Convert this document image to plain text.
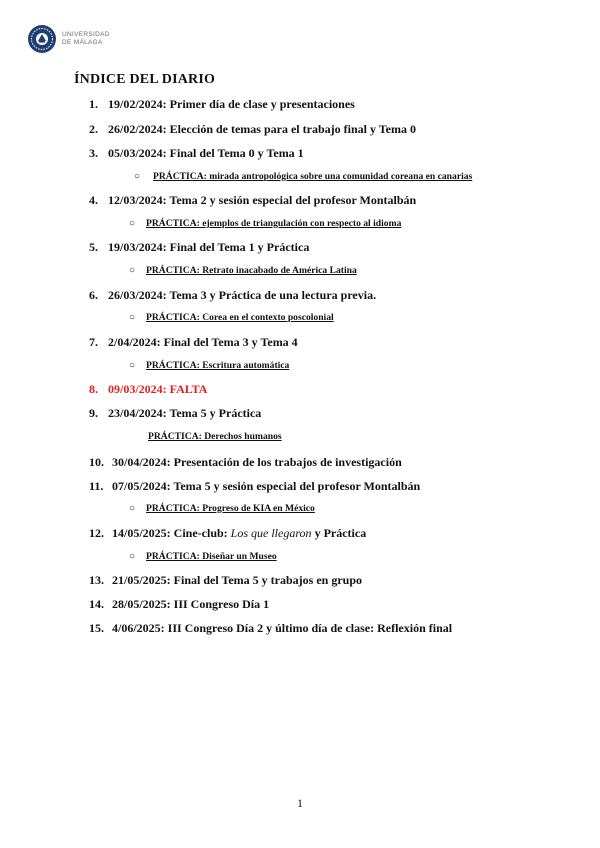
UNIVERSIDAD
DE MÁLAGA
ÍNDICE DEL DIARIO
1. 19/02/2024: Primer día de clase y presentaciones
2. 26/02/2024: Elección de temas para el trabajo final y Tema 0
3. 05/03/2024: Final del Tema 0 y Tema 1
○ PRÁCTICA: mirada antropológica sobre una comunidad coreana en canarias
4. 12/03/2024: Tema 2 y sesión especial del profesor Montalbán
○ PRÁCTICA: ejemplos de triangulación con respecto al idioma
5. 19/03/2024: Final del Tema 1 y Práctica
○ PRÁCTICA: Retrato inacabado de América Latina
6. 26/03/2024: Tema 3 y Práctica de una lectura previa.
○ PRÁCTICA: Corea en el contexto poscolonial
7. 2/04/2024: Final del Tema 3 y Tema 4
○ PRÁCTICA: Escritura automática
8. 09/03/2024: FALTA
9. 23/04/2024: Tema 5 y Práctica
PRÁCTICA: Derechos humanos
10. 30/04/2024: Presentación de los trabajos de investigación
11. 07/05/2024: Tema 5 y sesión especial del profesor Montalbán
○ PRÁCTICA: Progreso de KIA en México
12. 14/05/2025: Cine-club: Los que llegaron y Práctica
○ PRÁCTICA: Diseñar un Museo
13. 21/05/2025: Final del Tema 5 y trabajos en grupo
14. 28/05/2025: III Congreso Día 1
15. 4/06/2025: III Congreso Día 2 y último día de clase: Reflexión final
1
